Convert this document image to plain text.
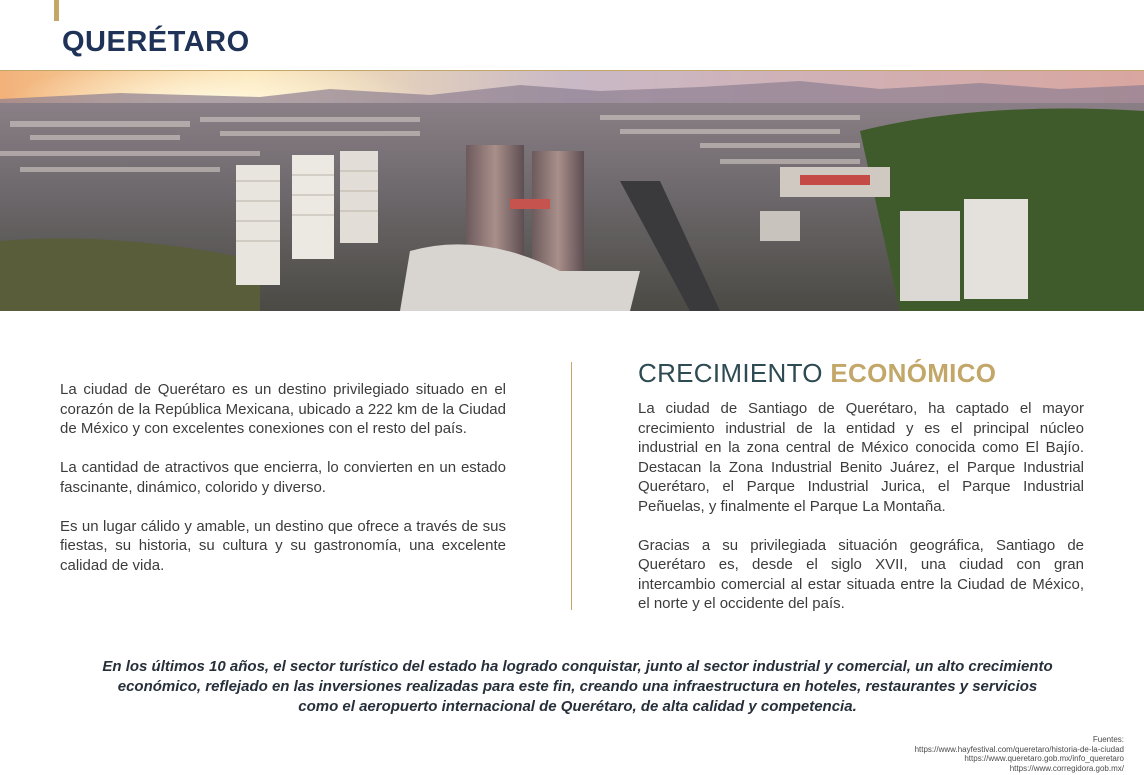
QUERÉTARO

La ciudad de Querétaro es un destino privilegiado situado en el corazón de la República Mexicana, ubicado a 222 km de la Ciudad de México y con excelentes conexiones con el resto del país.

La cantidad de atractivos que encierra, lo convierten en un estado fascinante, dinámico, colorido y diverso.

Es un lugar cálido y amable, un destino que ofrece a través de sus fiestas, su historia, su cultura y su gastronomía, una excelente calidad de vida.

CRECIMIENTO ECONÓMICO

La ciudad de Santiago de Querétaro, ha captado el mayor crecimiento industrial de la entidad y es el principal núcleo industrial en la zona central de México conocida como El Bajío. Destacan la Zona Industrial Benito Juárez, el Parque Industrial Querétaro, el Parque Industrial Jurica, el Parque Industrial Peñuelas, y finalmente el Parque La Montaña.

Gracias a su privilegiada situación geográfica, Santiago de Querétaro es, desde el siglo XVII, una ciudad con gran intercambio comercial al estar situada entre la Ciudad de México, el norte y el occidente del país.

En los últimos 10 años, el sector turístico del estado ha logrado conquistar, junto al sector industrial y comercial, un alto crecimiento económico, reflejado en las inversiones realizadas para este fin, creando una infraestructura en hoteles, restaurantes y servicios como el aeropuerto internacional de Querétaro, de alta calidad y competencia.
Fuentes:
https://www.hayfestival.com/queretaro/historia-de-la-ciudad
https://www.queretaro.gob.mx/info_queretaro
https://www.corregidora.gob.mx/
